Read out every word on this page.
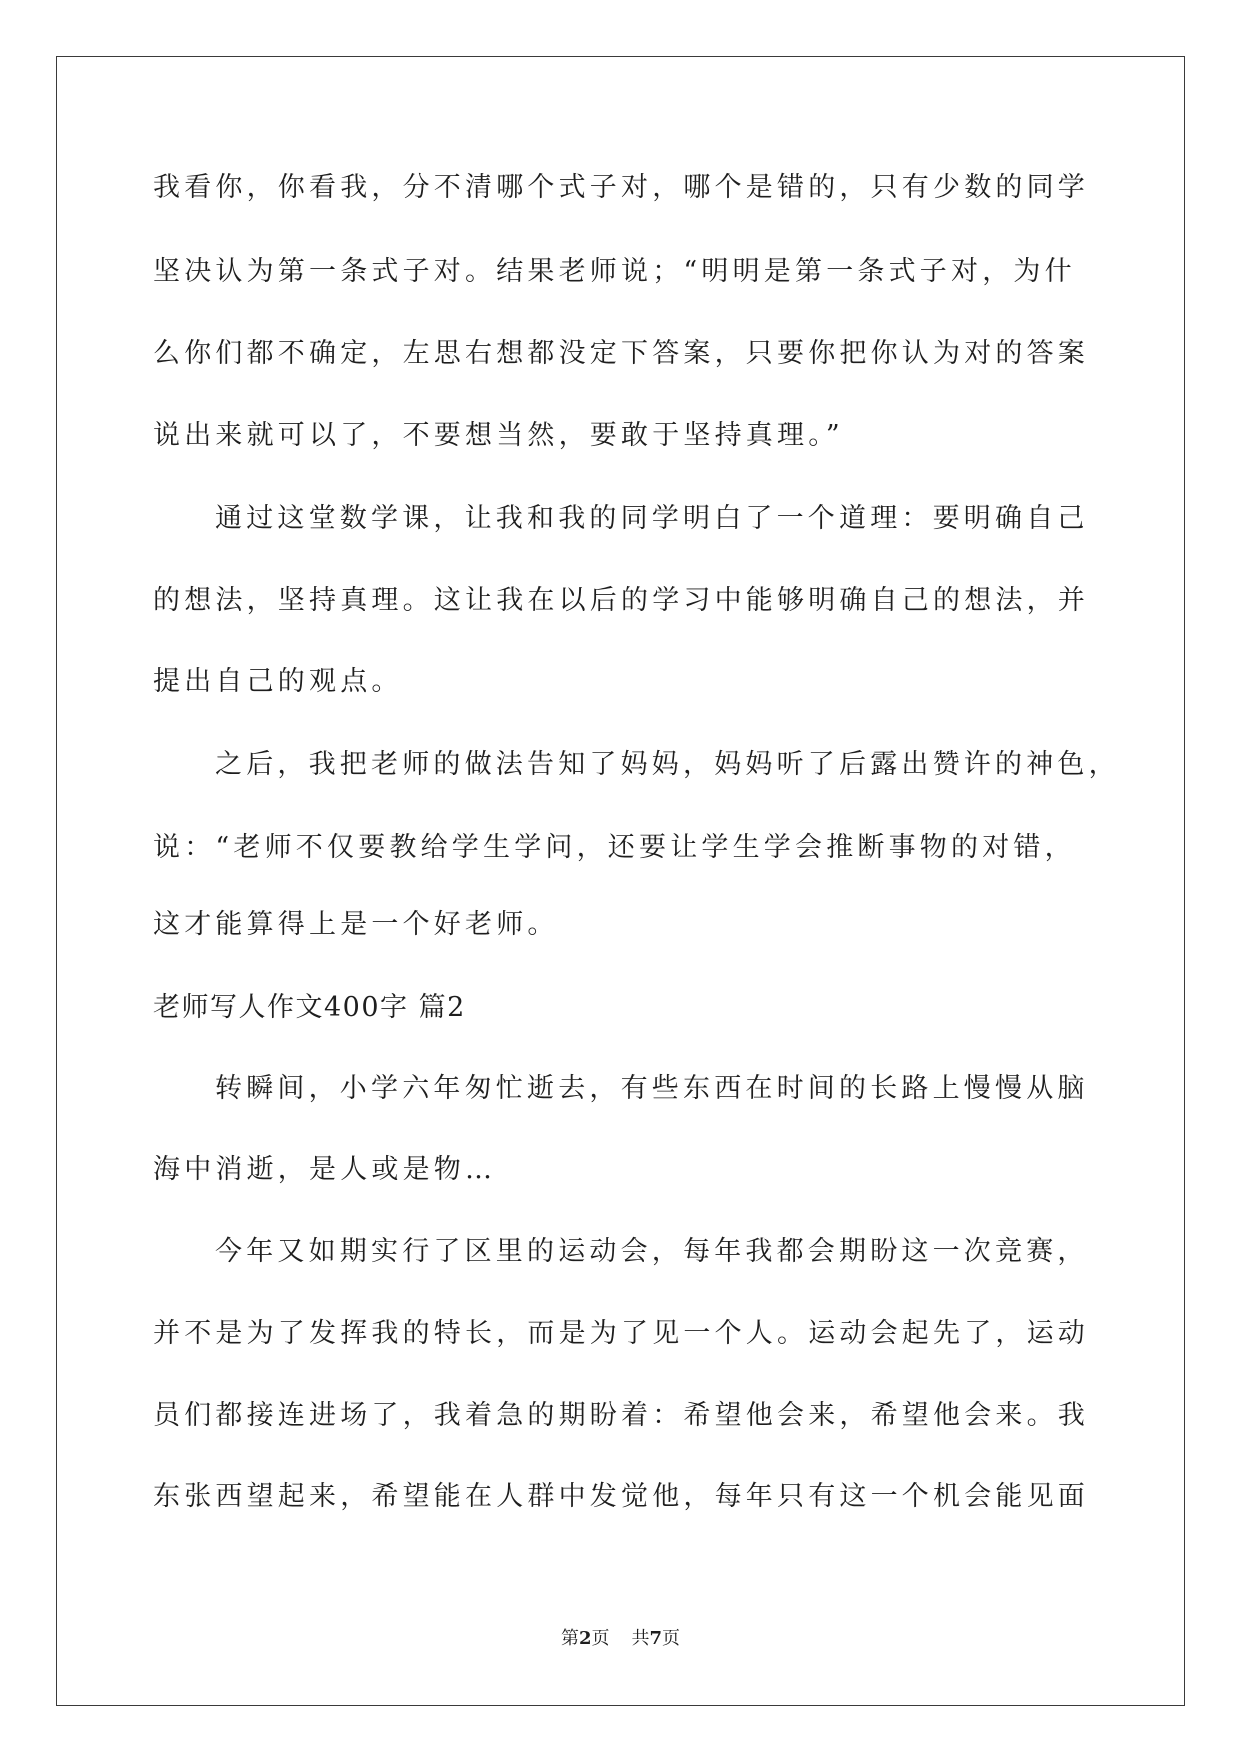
我看你，你看我，分不清哪个式子对，哪个是错的，只有少数的同学
坚决认为第一条式子对。结果老师说；“明明是第一条式子对，为什
么你们都不确定，左思右想都没定下答案，只要你把你认为对的答案
说出来就可以了，不要想当然，要敢于坚持真理。”
通过这堂数学课，让我和我的同学明白了一个道理：要明确自己
的想法，坚持真理。这让我在以后的学习中能够明确自己的想法，并
提出自己的观点。
之后，我把老师的做法告知了妈妈，妈妈听了后露出赞许的神色，
说：“老师不仅要教给学生学问，还要让学生学会推断事物的对错，
这才能算得上是一个好老师。
老师写人作文400字 篇2
转瞬间，小学六年匆忙逝去，有些东西在时间的长路上慢慢从脑
海中消逝，是人或是物…
今年又如期实行了区里的运动会，每年我都会期盼这一次竞赛，
并不是为了发挥我的特长，而是为了见一个人。运动会起先了，运动
员们都接连进场了，我着急的期盼着：希望他会来，希望他会来。我
东张西望起来，希望能在人群中发觉他，每年只有这一个机会能见面
第2页 共7页
